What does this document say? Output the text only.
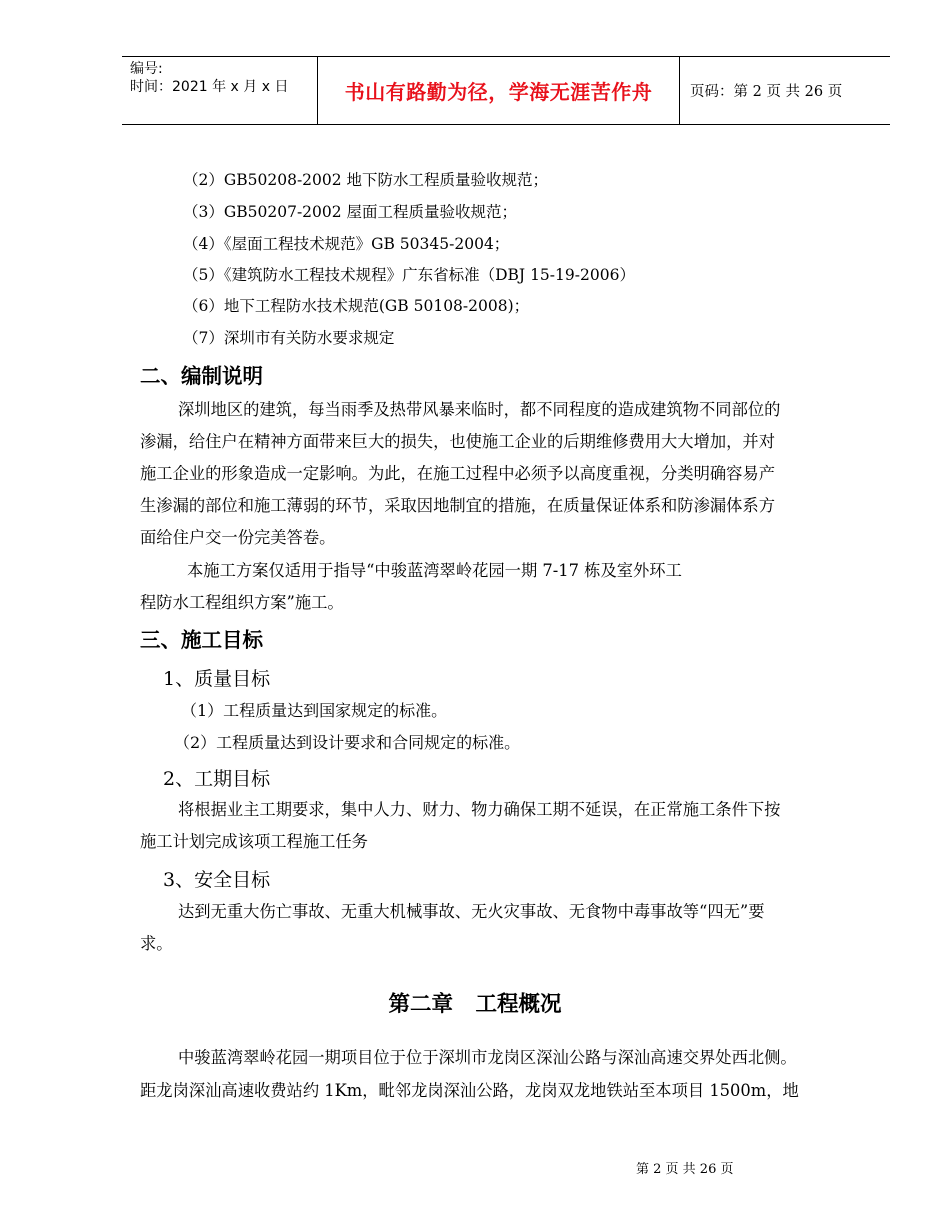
编号:
时间：2021 年 x 月 x 日	书山有路勤为径，学海无涯苦作舟	页码：第 2 页 共 26 页
（2）GB50208-2002 地下防水工程质量验收规范；
（3）GB50207-2002 屋面工程质量验收规范；
（4）《屋面工程技术规范》GB 50345-2004；
（5）《建筑防水工程技术规程》广东省标准（DBJ 15-19-2006）
（6）地下工程防水技术规范(GB 50108-2008)；
（7）深圳市有关防水要求规定
二、编制说明
深圳地区的建筑，每当雨季及热带风暴来临时，都不同程度的造成建筑物不同部位的
渗漏，给住户在精神方面带来巨大的损失，也使施工企业的后期维修费用大大增加，并对
施工企业的形象造成一定影响。为此，在施工过程中必须予以高度重视，分类明确容易产
生渗漏的部位和施工薄弱的环节，采取因地制宜的措施，在质量保证体系和防渗漏体系方
面给住户交一份完美答卷。
本施工方案仅适用于指导“中骏蓝湾翠岭花园一期 7-17 栋及室外环工
程防水工程组织方案”施工。
三、施工目标
1、质量目标
（1）工程质量达到国家规定的标准。
（2）工程质量达到设计要求和合同规定的标准。
2、工期目标
将根据业主工期要求，集中人力、财力、物力确保工期不延误，在正常施工条件下按
施工计划完成该项工程施工任务
3、安全目标
达到无重大伤亡事故、无重大机械事故、无火灾事故、无食物中毒事故等“四无”要
求。
第二章   工程概况
中骏蓝湾翠岭花园一期项目位于位于深圳市龙岗区深汕公路与深汕高速交界处西北侧。
距龙岗深汕高速收费站约 1Km，毗邻龙岗深汕公路，龙岗双龙地铁站至本项目 1500m，地
第 2 页 共 26 页
